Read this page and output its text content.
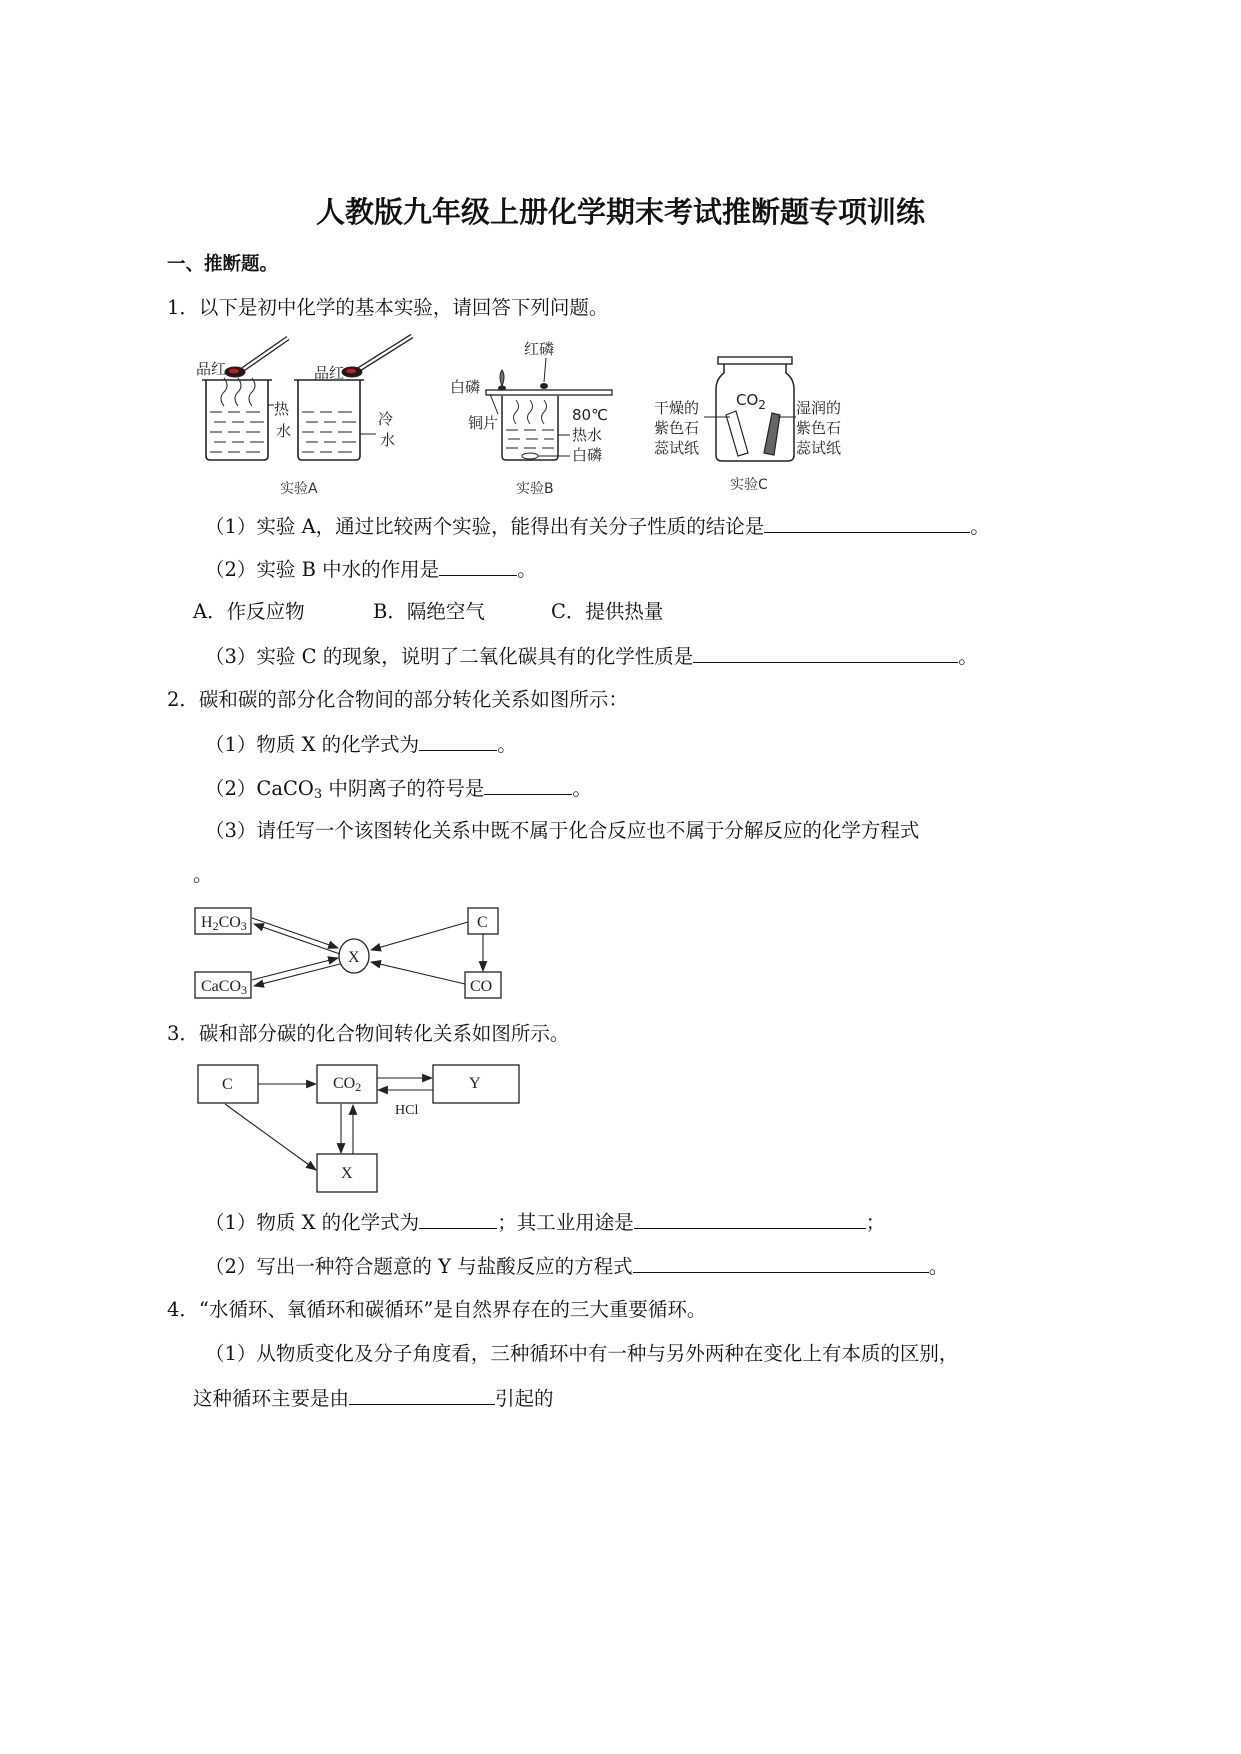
人教版九年级上册化学期末考试推断题专项训练
一、推断题。
1．以下是初中化学的基本实验，请回答下列问题。
品红
热
水
品红
冷
水
实验A
红磷
白磷
铜片	80℃
热水
白磷
实验B
$CO_2$
干燥的
紫色石
蕊试纸
湿润的
紫色石
蕊试纸
实验C
（1）实验 A，通过比较两个实验，能得出有关分子性质的结论是	。
（2）实验 B 中水的作用是	。
A．作反应物	B．隔绝空气	C．提供热量
（3）实验 C 的现象，说明了二氧化碳具有的化学性质是	。
2．碳和碳的部分化合物间的部分转化关系如图所示：
（1）物质 X 的化学式为	。
（2）CaCO3 中阴离子的符号是	。
（3）请任写一个该图转化关系中既不属于化合反应也不属于分解反应的化学方程式
。
H2CO3
CaCO3
X
C
CO
3．碳和部分碳的化合物间转化关系如图所示。
C	CO2	Y
X
HCl
（1）物质 X 的化学式为	；其工业用途是	；
（2）写出一种符合题意的 Y 与盐酸反应的方程式	。
4．“水循环、氧循环和碳循环”是自然界存在的三大重要循环。
（1）从物质变化及分子角度看，三种循环中有一种与另外两种在变化上有本质的区别，
这种循环主要是由	引起的
